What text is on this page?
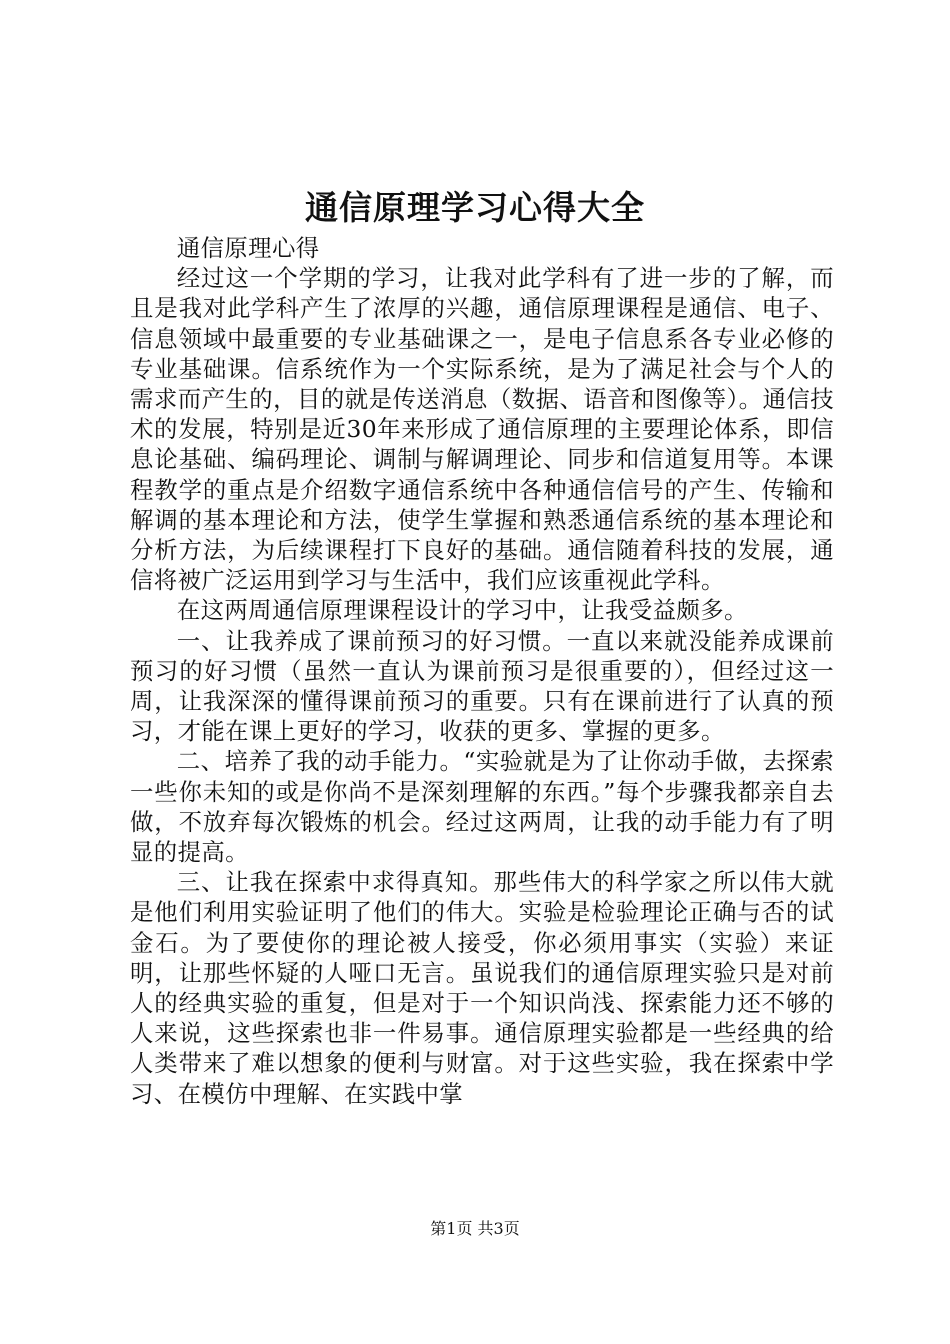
通信原理学习心得大全

通信原理心得

经过这一个学期的学习，让我对此学科有了进一步的了解，而且是我对此学科产生了浓厚的兴趣，通信原理课程是通信、电子、信息领域中最重要的专业基础课之一，是电子信息系各专业必修的专业基础课。信系统作为一个实际系统，是为了满足社会与个人的需求而产生的，目的就是传送消息（数据、语音和图像等）。通信技术的发展，特别是近30年来形成了通信原理的主要理论体系，即信息论基础、编码理论、调制与解调理论、同步和信道复用等。本课程教学的重点是介绍数字通信系统中各种通信信号的产生、传输和解调的基本理论和方法，使学生掌握和熟悉通信系统的基本理论和分析方法，为后续课程打下良好的基础。通信随着科技的发展，通信将被广泛运用到学习与生活中，我们应该重视此学科。

在这两周通信原理课程设计的学习中，让我受益颇多。

一、让我养成了课前预习的好习惯。一直以来就没能养成课前预习的好习惯（虽然一直认为课前预习是很重要的），但经过这一周，让我深深的懂得课前预习的重要。只有在课前进行了认真的预习，才能在课上更好的学习，收获的更多、掌握的更多。

二、培养了我的动手能力。“实验就是为了让你动手做，去探索一些你未知的或是你尚不是深刻理解的东西。”每个步骤我都亲自去做，不放弃每次锻炼的机会。经过这两周，让我的动手能力有了明显的提高。

三、让我在探索中求得真知。那些伟大的科学家之所以伟大就是他们利用实验证明了他们的伟大。实验是检验理论正确与否的试金石。为了要使你的理论被人接受，你必须用事实（实验）来证明，让那些怀疑的人哑口无言。虽说我们的通信原理实验只是对前人的经典实验的重复，但是对于一个知识尚浅、探索能力还不够的人来说，这些探索也非一件易事。通信原理实验都是一些经典的给人类带来了难以想象的便利与财富。对于这些实验，我在探索中学习、在模仿中理解、在实践中掌

第1页 共3页
